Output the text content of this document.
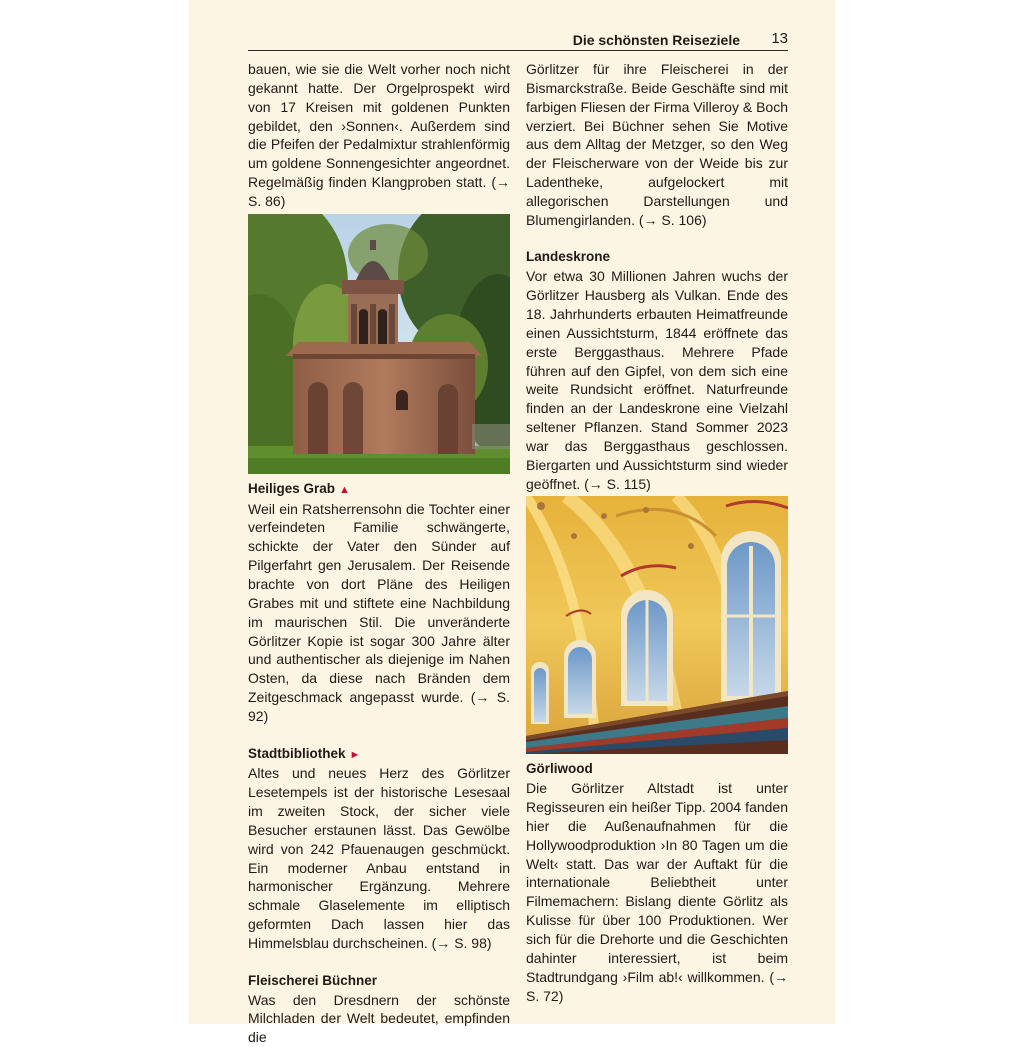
Die schönsten Reiseziele 13

bauen, wie sie die Welt vorher noch nicht gekannt hatte. Der Orgelprospekt wird von 17 Kreisen mit goldenen Punkten gebildet, den ›Sonnen‹. Außerdem sind die Pfeifen der Pedalmixtur strahlenförmig um goldene Sonnengesichter angeordnet. Regelmäßig finden Klangproben statt. (→ S. 86)

Heiliges Grab ▲

Weil ein Ratsherrensohn die Tochter einer verfeindeten Familie schwängerte, schickte der Vater den Sünder auf Pilgerfahrt gen Jerusalem. Der Reisende brachte von dort Pläne des Heiligen Grabes mit und stiftete eine Nachbildung im maurischen Stil. Die unveränderte Görlitzer Kopie ist sogar 300 Jahre älter und authentischer als diejenige im Nahen Osten, da diese nach Bränden dem Zeitgeschmack angepasst wurde. (→ S. 92)

Stadtbibliothek ►

Altes und neues Herz des Görlitzer Lesetempels ist der historische Lesesaal im zweiten Stock, der sicher viele Besucher erstaunen lässt. Das Gewölbe wird von 242 Pfauenaugen geschmückt. Ein moderner Anbau entstand in harmonischer Ergänzung. Mehrere schmale Glaselemente im elliptisch geformten Dach lassen hier das Himmelsblau durchscheinen. (→ S. 98)

Fleischerei Büchner

Was den Dresdnern der schönste Milchladen der Welt bedeutet, empfinden die

Görlitzer für ihre Fleischerei in der Bismarckstraße. Beide Geschäfte sind mit farbigen Fliesen der Firma Villeroy & Boch verziert. Bei Büchner sehen Sie Motive aus dem Alltag der Metzger, so den Weg der Fleischerware von der Weide bis zur Ladentheke, aufgelockert mit allegorischen Darstellungen und Blumengirlanden. (→ S. 106)

Landeskrone

Vor etwa 30 Millionen Jahren wuchs der Görlitzer Hausberg als Vulkan. Ende des 18. Jahrhunderts erbauten Heimatfreunde einen Aussichtsturm, 1844 eröffnete das erste Berggasthaus. Mehrere Pfade führen auf den Gipfel, von dem sich eine weite Rundsicht eröffnet. Naturfreunde finden an der Landeskrone eine Vielzahl seltener Pflanzen. Stand Sommer 2023 war das Berggasthaus geschlossen. Biergarten und Aussichtsturm sind wieder geöffnet. (→ S. 115)

Görliwood

Die Görlitzer Altstadt ist unter Regisseuren ein heißer Tipp. 2004 fanden hier die Außenaufnahmen für die Hollywoodproduktion ›In 80 Tagen um die Welt‹ statt. Das war der Auftakt für die internationale Beliebtheit unter Filmemachern: Bislang diente Görlitz als Kulisse für über 100 Produktionen. Wer sich für die Drehorte und die Geschichten dahinter interessiert, ist beim Stadtrundgang ›Film ab!‹ willkommen. (→ S. 72)
